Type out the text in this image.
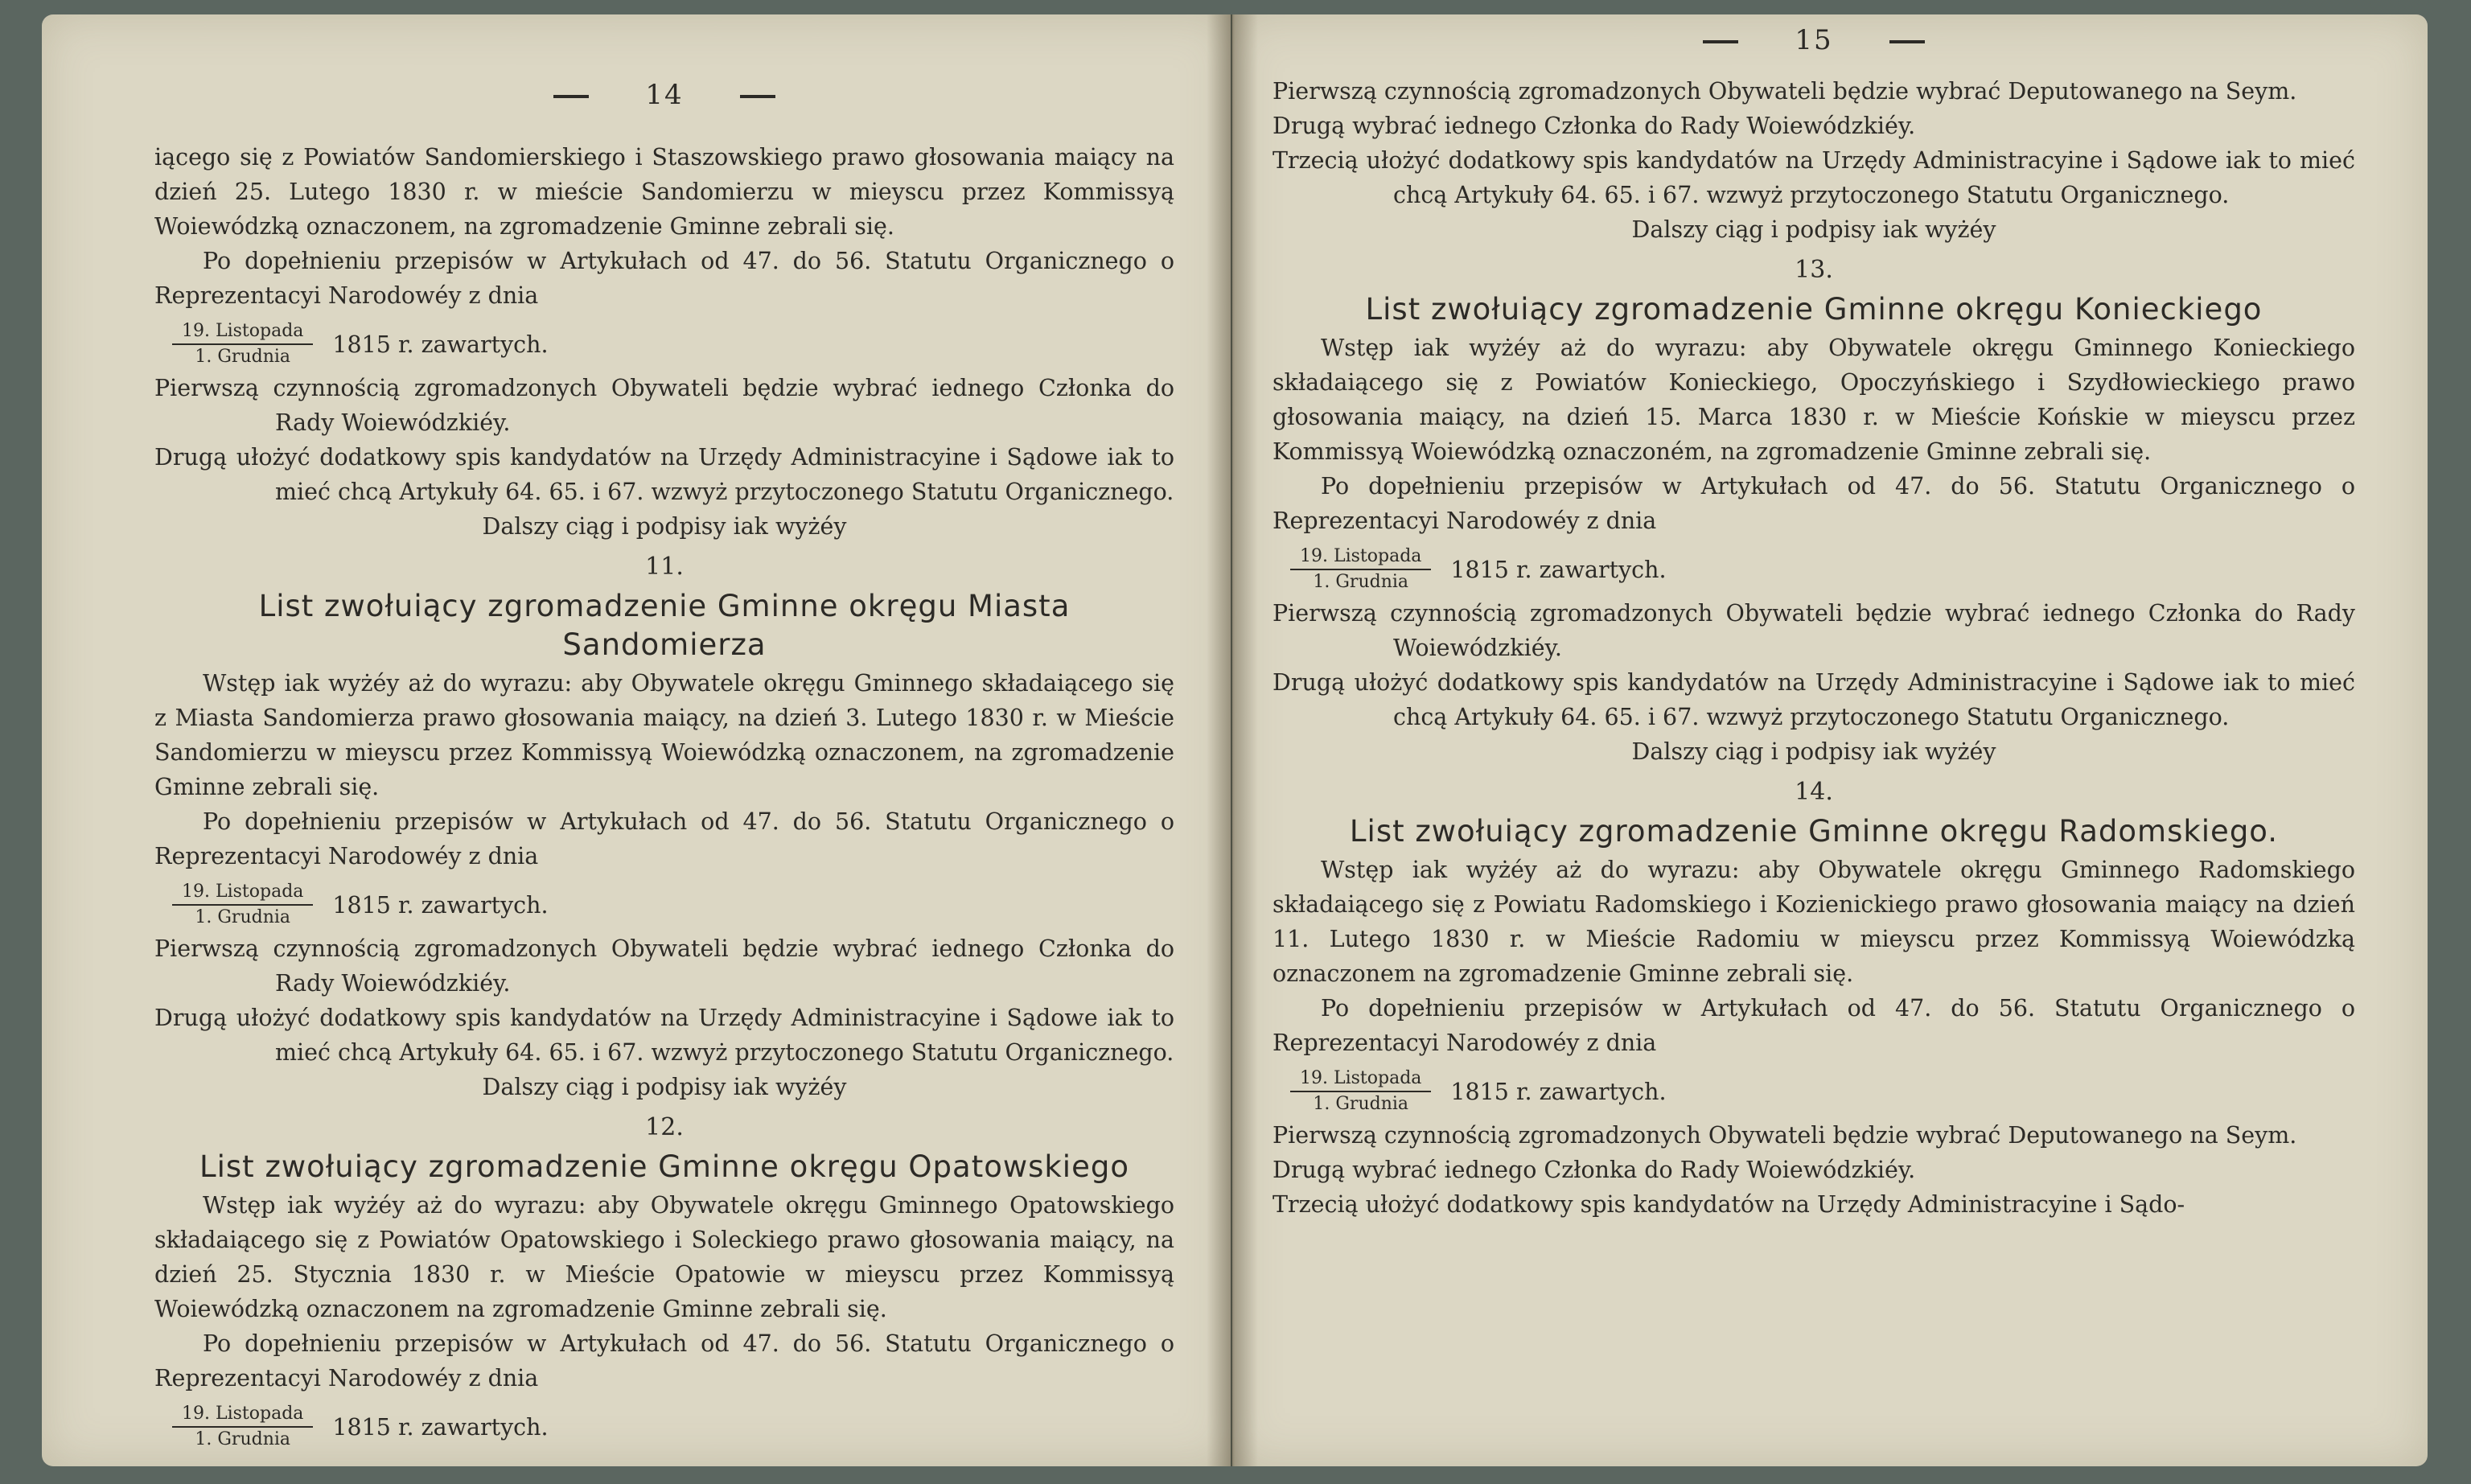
14

iącego się z Powiatów Sandomierskiego i Staszowskiego prawo głosowania maiący na dzień 25. Lutego 1830 r. w mieście Sandomierzu w mieyscu przez Kommissyą Woiewódzką oznaczonem, na zgromadzenie Gminne zebrali się.

Po dopełnieniu przepisów w Artykułach od 47. do 56. Statutu Organicznego o Reprezentacyi Narodowéy z dnia

$\frac{\text{19. Listopada}}{\text{1. Grudnia}} 1815$ r. zawartych.

Pierwszą czynnością zgromadzonych Obywateli będzie wybrać iednego Członka do Rady Woiewódzkiéy.

Drugą ułożyć dodatkowy spis kandydatów na Urzędy Administracyine i Sądowe iak to mieć chcą Artykuły 64. 65. i 67. wzwyż przytoczonego Statutu Organicznego.

Dalszy ciąg i podpisy iak wyżéy

11.

List zwołuiący zgromadzenie Gminne okręgu Miasta Sandomierza

Wstęp iak wyżéy aż do wyrazu: aby Obywatele okręgu Gminnego składaiącego się z Miasta Sandomierza prawo głosowania maiący, na dzień 3. Lutego 1830 r. w Mieście Sandomierzu w mieyscu przez Kommissyą Woiewódzką oznaczonem, na zgromadzenie Gminne zebrali się.

Po dopełnieniu przepisów w Artykułach od 47. do 56. Statutu Organicznego o Reprezentacyi Narodowéy z dnia

$\frac{\text{19. Listopada}}{\text{1. Grudnia}} 1815$ r. zawartych.

Pierwszą czynnością zgromadzonych Obywateli będzie wybrać iednego Członka do Rady Woiewódzkiéy.

Drugą ułożyć dodatkowy spis kandydatów na Urzędy Administracyine i Sądowe iak to mieć chcą Artykuły 64. 65. i 67. wzwyż przytoczonego Statutu Organicznego.

Dalszy ciąg i podpisy iak wyżéy

12.

List zwołuiący zgromadzenie Gminne okręgu Opatowskiego

Wstęp iak wyżéy aż do wyrazu: aby Obywatele okręgu Gminnego Opatowskiego składaiącego się z Powiatów Opatowskiego i Soleckiego prawo głosowania maiący, na dzień 25. Stycznia 1830 r. w Mieście Opatowie w mieyscu przez Kommissyą Woiewódzką oznaczonem na zgromadzenie Gminne zebrali się.

Po dopełnieniu przepisów w Artykułach od 47. do 56. Statutu Organicznego o Reprezentacyi Narodowéy z dnia

$\frac{\text{19. Listopada}}{\text{1. Grudnia}} 1815$ r. zawartych.
15

Pierwszą czynnością zgromadzonych Obywateli będzie wybrać Deputowanego na Seym.

Drugą wybrać iednego Członka do Rady Woiewódzkiéy.

Trzecią ułożyć dodatkowy spis kandydatów na Urzędy Administracyine i Sądowe iak to mieć chcą Artykuły 64. 65. i 67. wzwyż przytoczonego Statutu Organicznego.

Dalszy ciąg i podpisy iak wyżéy

13.

List zwołuiący zgromadzenie Gminne okręgu Konieckiego

Wstęp iak wyżéy aż do wyrazu: aby Obywatele okręgu Gminnego Konieckiego składaiącego się z Powiatów Konieckiego, Opoczyńskiego i Szydłowieckiego prawo głosowania maiący, na dzień 15. Marca 1830 r. w Mieście Końskie w mieyscu przez Kommissyą Woiewódzką oznaczoném, na zgromadzenie Gminne zebrali się.

Po dopełnieniu przepisów w Artykułach od 47. do 56. Statutu Organicznego o Reprezentacyi Narodowéy z dnia

$\frac{\text{19. Listopada}}{\text{1. Grudnia}} 1815$ r. zawartych.

Pierwszą czynnością zgromadzonych Obywateli będzie wybrać iednego Członka do Rady Woiewódzkiéy.

Drugą ułożyć dodatkowy spis kandydatów na Urzędy Administracyine i Sądowe iak to mieć chcą Artykuły 64. 65. i 67. wzwyż przytoczonego Statutu Organicznego.

Dalszy ciąg i podpisy iak wyżéy

14.

List zwołuiący zgromadzenie Gminne okręgu Radomskiego.

Wstęp iak wyżéy aż do wyrazu: aby Obywatele okręgu Gminnego Radomskiego składaiącego się z Powiatu Radomskiego i Kozienickiego prawo głosowania maiący na dzień 11. Lutego 1830 r. w Mieście Radomiu w mieyscu przez Kommissyą Woiewódzką oznaczonem na zgromadzenie Gminne zebrali się.

Po dopełnieniu przepisów w Artykułach od 47. do 56. Statutu Organicznego o Reprezentacyi Narodowéy z dnia

$\frac{\text{19. Listopada}}{\text{1. Grudnia}} 1815$ r. zawartych.

Pierwszą czynnością zgromadzonych Obywateli będzie wybrać Deputowanego na Seym.

Drugą wybrać iednego Członka do Rady Woiewódzkiéy.

Trzecią ułożyć dodatkowy spis kandydatów na Urzędy Administracyine i Sądo-
